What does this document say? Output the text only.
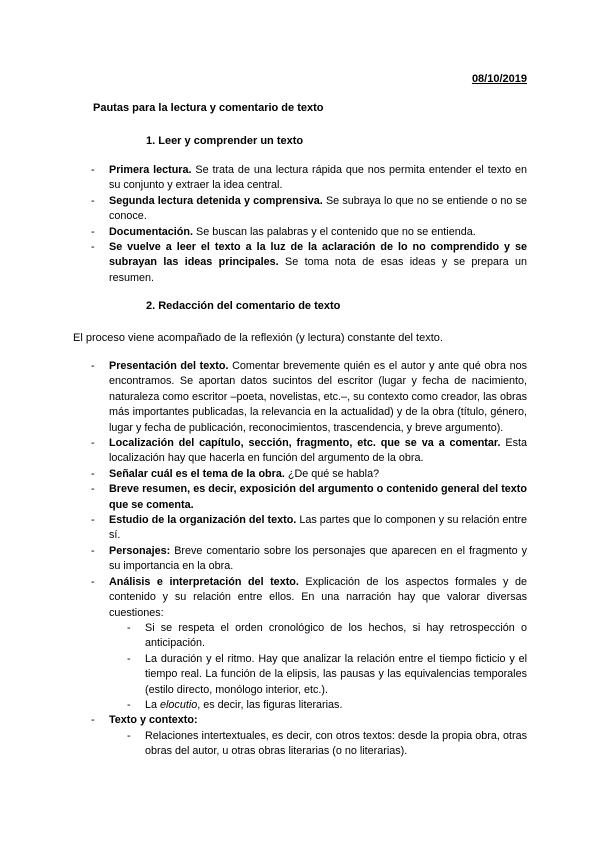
08/10/2019
Pautas para la lectura y comentario de texto
1. Leer y comprender un texto
- Primera lectura. Se trata de una lectura rápida que nos permita entender el texto en su conjunto y extraer la idea central.
- Segunda lectura detenida y comprensiva. Se subraya lo que no se entiende o no se conoce.
- Documentación. Se buscan las palabras y el contenido que no se entienda.
- Se vuelve a leer el texto a la luz de la aclaración de lo no comprendido y se subrayan las ideas principales. Se toma nota de esas ideas y se prepara un resumen.
2. Redacción del comentario de texto
El proceso viene acompañado de la reflexión (y lectura) constante del texto.
- Presentación del texto. Comentar brevemente quién es el autor y ante qué obra nos encontramos. Se aportan datos sucintos del escritor (lugar y fecha de nacimiento, naturaleza como escritor –poeta, novelistas, etc.–, su contexto como creador, las obras más importantes publicadas, la relevancia en la actualidad) y de la obra (título, género, lugar y fecha de publicación, reconocimientos, trascendencia, y breve argumento).
- Localización del capítulo, sección, fragmento, etc. que se va a comentar. Esta localización hay que hacerla en función del argumento de la obra.
- Señalar cuál es el tema de la obra. ¿De qué se habla?
- Breve resumen, es decir, exposición del argumento o contenido general del texto que se comenta.
- Estudio de la organización del texto. Las partes que lo componen y su relación entre sí.
- Personajes: Breve comentario sobre los personajes que aparecen en el fragmento y su importancia en la obra.
- Análisis e interpretación del texto. Explicación de los aspectos formales y de contenido y su relación entre ellos. En una narración hay que valorar diversas cuestiones:
- Si se respeta el orden cronológico de los hechos, si hay retrospección o anticipación.
- La duración y el ritmo. Hay que analizar la relación entre el tiempo ficticio y el tiempo real. La función de la elipsis, las pausas y las equivalencias temporales (estilo directo, monólogo interior, etc.).
- La elocutio, es decir, las figuras literarias.
- Texto y contexto:
- Relaciones intertextuales, es decir, con otros textos: desde la propia obra, otras obras del autor, u otras obras literarias (o no literarias).
